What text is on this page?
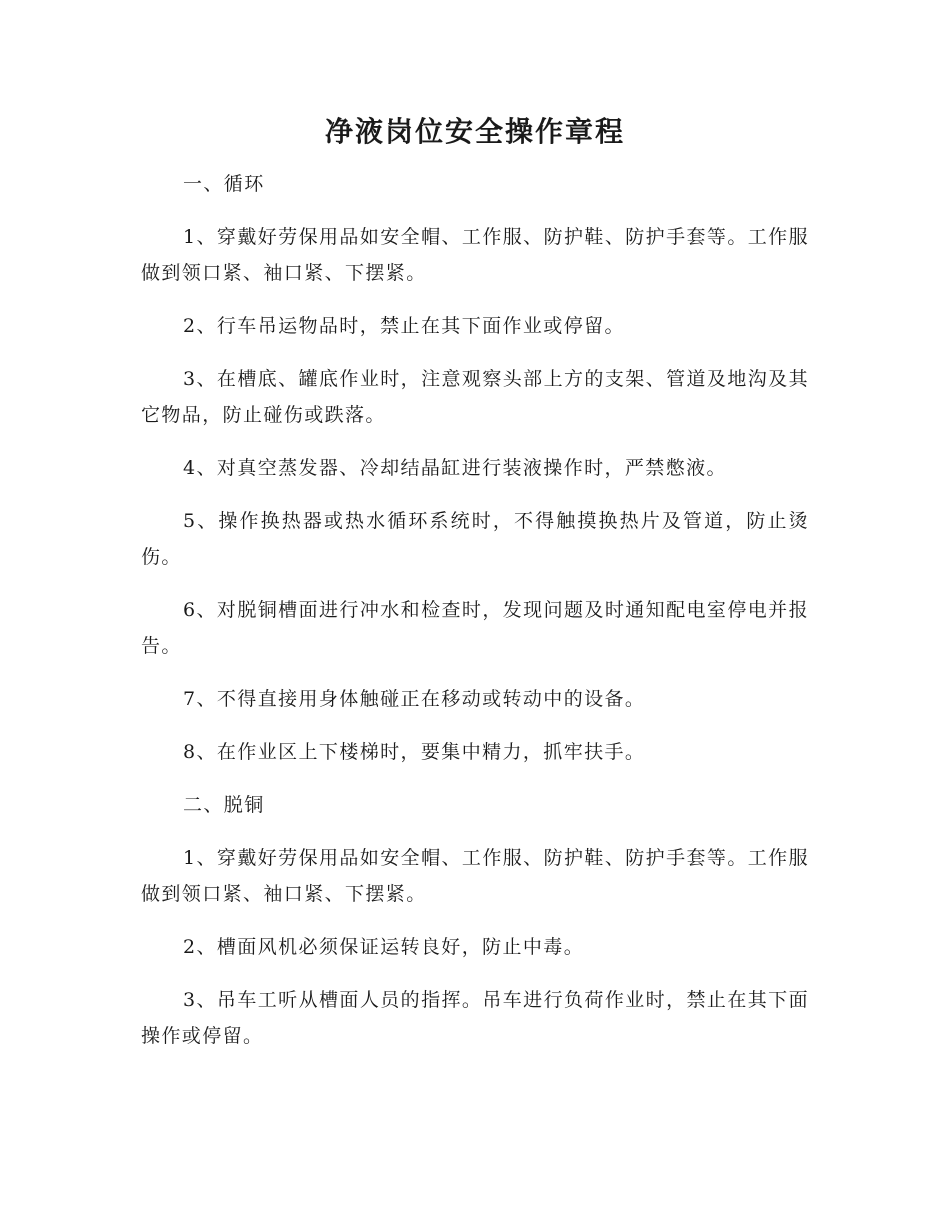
净液岗位安全操作章程

一、循环

1、穿戴好劳保用品如安全帽、工作服、防护鞋、防护手套等。工作服做到领口紧、袖口紧、下摆紧。

2、行车吊运物品时，禁止在其下面作业或停留。

3、在槽底、罐底作业时，注意观察头部上方的支架、管道及地沟及其它物品，防止碰伤或跌落。

4、对真空蒸发器、冷却结晶缸进行装液操作时，严禁憋液。

5、操作换热器或热水循环系统时，不得触摸换热片及管道，防止烫伤。

6、对脱铜槽面进行冲水和检查时，发现问题及时通知配电室停电并报告。

7、不得直接用身体触碰正在移动或转动中的设备。

8、在作业区上下楼梯时，要集中精力，抓牢扶手。

二、脱铜

1、穿戴好劳保用品如安全帽、工作服、防护鞋、防护手套等。工作服做到领口紧、袖口紧、下摆紧。

2、槽面风机必须保证运转良好，防止中毒。

3、吊车工听从槽面人员的指挥。吊车进行负荷作业时，禁止在其下面操作或停留。
